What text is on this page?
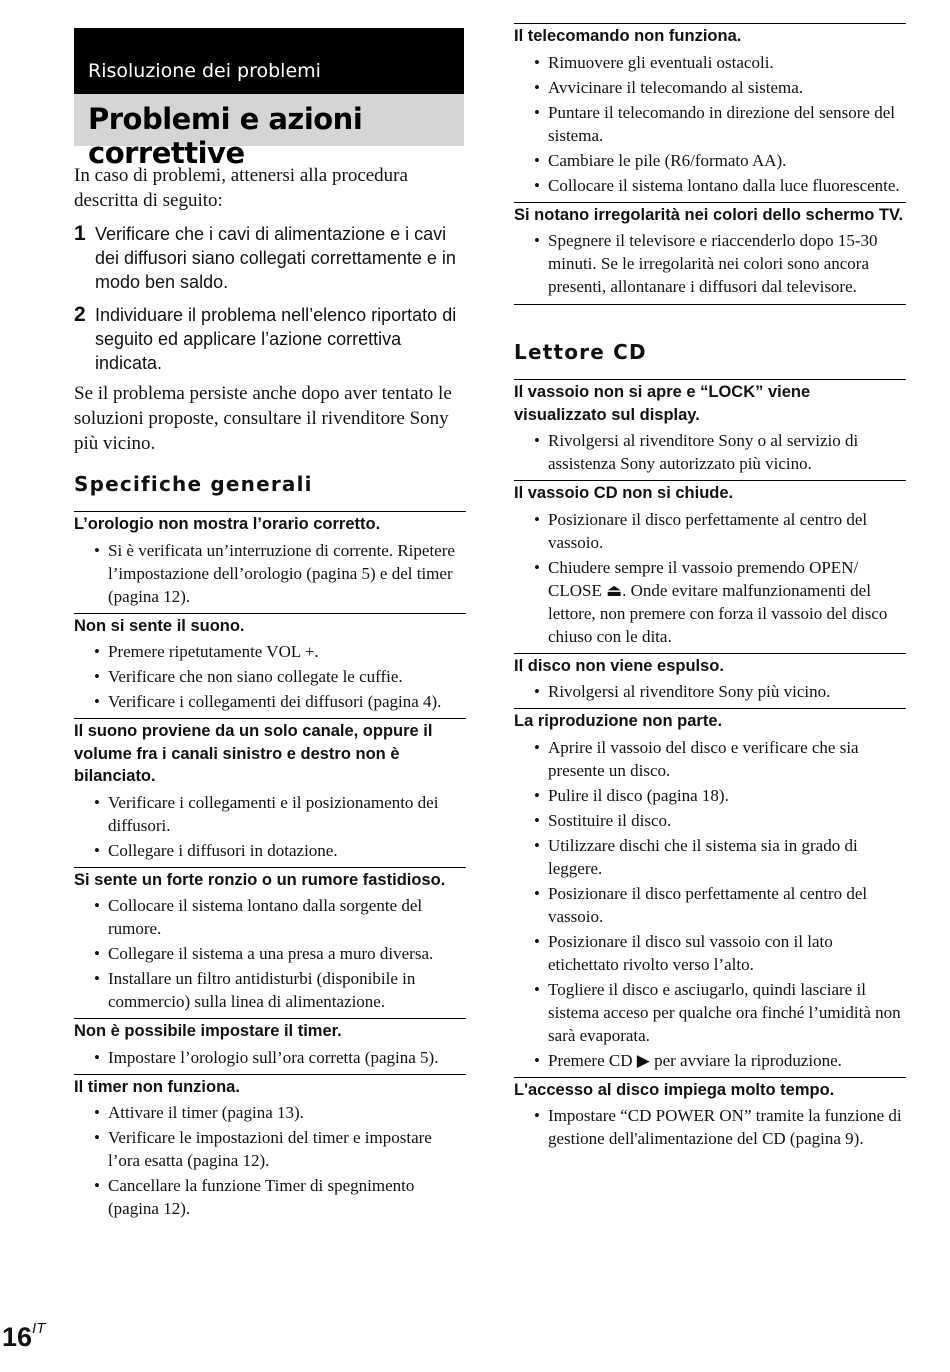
Risoluzione dei problemi
Problemi e azioni correttive

In caso di problemi, attenersi alla procedura descritta di seguito:

1 Verificare che i cavi di alimentazione e i cavi dei diffusori siano collegati correttamente e in modo ben saldo.
2 Individuare il problema nell’elenco riportato di seguito ed applicare l’azione correttiva indicata.

Se il problema persiste anche dopo aver tentato le soluzioni proposte, consultare il rivenditore Sony più vicino.

Specifiche generali
L’orologio non mostra l’orario corretto.
• Si è verificata un’interruzione di corrente. Ripetere l’impostazione dell’orologio (pagina 5) e del timer (pagina 12).
Non si sente il suono.
• Premere ripetutamente VOL +.
• Verificare che non siano collegate le cuffie.
• Verificare i collegamenti dei diffusori (pagina 4).
Il suono proviene da un solo canale, oppure il volume fra i canali sinistro e destro non è bilanciato.
• Verificare i collegamenti e il posizionamento dei diffusori.
• Collegare i diffusori in dotazione.
Si sente un forte ronzio o un rumore fastidioso.
• Collocare il sistema lontano dalla sorgente del rumore.
• Collegare il sistema a una presa a muro diversa.
• Installare un filtro antidisturbi (disponibile in commercio) sulla linea di alimentazione.
Non è possibile impostare il timer.
• Impostare l’orologio sull’ora corretta (pagina 5).
Il timer non funziona.
• Attivare il timer (pagina 13).
• Verificare le impostazioni del timer e impostare l’ora esatta (pagina 12).
• Cancellare la funzione Timer di spegnimento (pagina 12).
Il telecomando non funziona.
• Rimuovere gli eventuali ostacoli.
• Avvicinare il telecomando al sistema.
• Puntare il telecomando in direzione del sensore del sistema.
• Cambiare le pile (R6/formato AA).
• Collocare il sistema lontano dalla luce fluorescente.
Si notano irregolarità nei colori dello schermo TV.
• Spegnere il televisore e riaccenderlo dopo 15-30 minuti. Se le irregolarità nei colori sono ancora presenti, allontanare i diffusori dal televisore.
Lettore CD
Il vassoio non si apre e “LOCK” viene visualizzato sul display.
• Rivolgersi al rivenditore Sony o al servizio di assistenza Sony autorizzato più vicino.
Il vassoio CD non si chiude.
• Posizionare il disco perfettamente al centro del vassoio.
• Chiudere sempre il vassoio premendo OPEN/ CLOSE ⏏. Onde evitare malfunzionamenti del lettore, non premere con forza il vassoio del disco chiuso con le dita.
Il disco non viene espulso.
• Rivolgersi al rivenditore Sony più vicino.
La riproduzione non parte.
• Aprire il vassoio del disco e verificare che sia presente un disco.
• Pulire il disco (pagina 18).
• Sostituire il disco.
• Utilizzare dischi che il sistema sia in grado di leggere.
• Posizionare il disco perfettamente al centro del vassoio.
• Posizionare il disco sul vassoio con il lato etichettato rivolto verso l’alto.
• Togliere il disco e asciugarlo, quindi lasciare il sistema acceso per qualche ora finché l’umidità non sarà evaporata.
• Premere CD ▶ per avviare la riproduzione.
L'accesso al disco impiega molto tempo.
• Impostare “CD POWER ON” tramite la funzione di gestione dell'alimentazione del CD (pagina 9).
$16^{IT}$
